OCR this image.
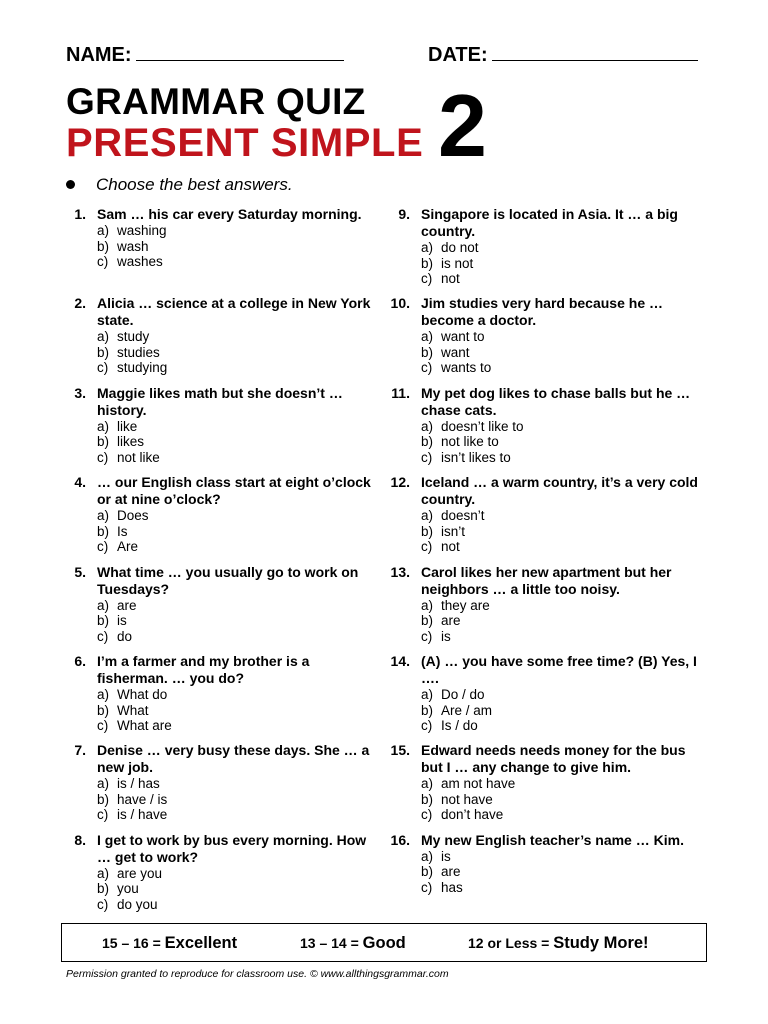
NAME:	DATE:
GRAMMAR QUIZ
PRESENT SIMPLE 2
Choose the best answers.
1. Sam … his car every Saturday morning.
a) washing
b) wash
c) washes
2. Alicia … science at a college in New York state.
a) study
b) studies
c) studying
3. Maggie likes math but she doesn’t … history.
a) like
b) likes
c) not like
4. … our English class start at eight o’clock or at nine o’clock?
a) Does
b) Is
c) Are
5. What time … you usually go to work on Tuesdays?
a) are
b) is
c) do
6. I’m a farmer and my brother is a fisherman. … you do?
a) What do
b) What
c) What are
7. Denise … very busy these days. She … a new job.
a) is / has
b) have / is
c) is / have
8. I get to work by bus every morning. How … get to work?
a) are you
b) you
c) do you
9. Singapore is located in Asia. It … a big country.
a) do not
b) is not
c) not
10. Jim studies very hard because he … become a doctor.
a) want to
b) want
c) wants to
11. My pet dog likes to chase balls but he … chase cats.
a) doesn’t like to
b) not like to
c) isn’t likes to
12. Iceland … a warm country, it’s a very cold country.
a) doesn’t
b) isn’t
c) not
13. Carol likes her new apartment but her neighbors … a little too noisy.
a) they are
b) are
c) is
14. (A) … you have some free time? (B) Yes, I ….
a) Do / do
b) Are / am
c) Is / do
15. Edward needs needs money for the bus but I … any change to give him.
a) am not have
b) not have
c) don’t have
16. My new English teacher’s name … Kim.
a) is
b) are
c) has
15 – 16 = Excellent	13 – 14 = Good	12 or Less = Study More!
Permission granted to reproduce for classroom use. © www.allthingsgrammar.com
